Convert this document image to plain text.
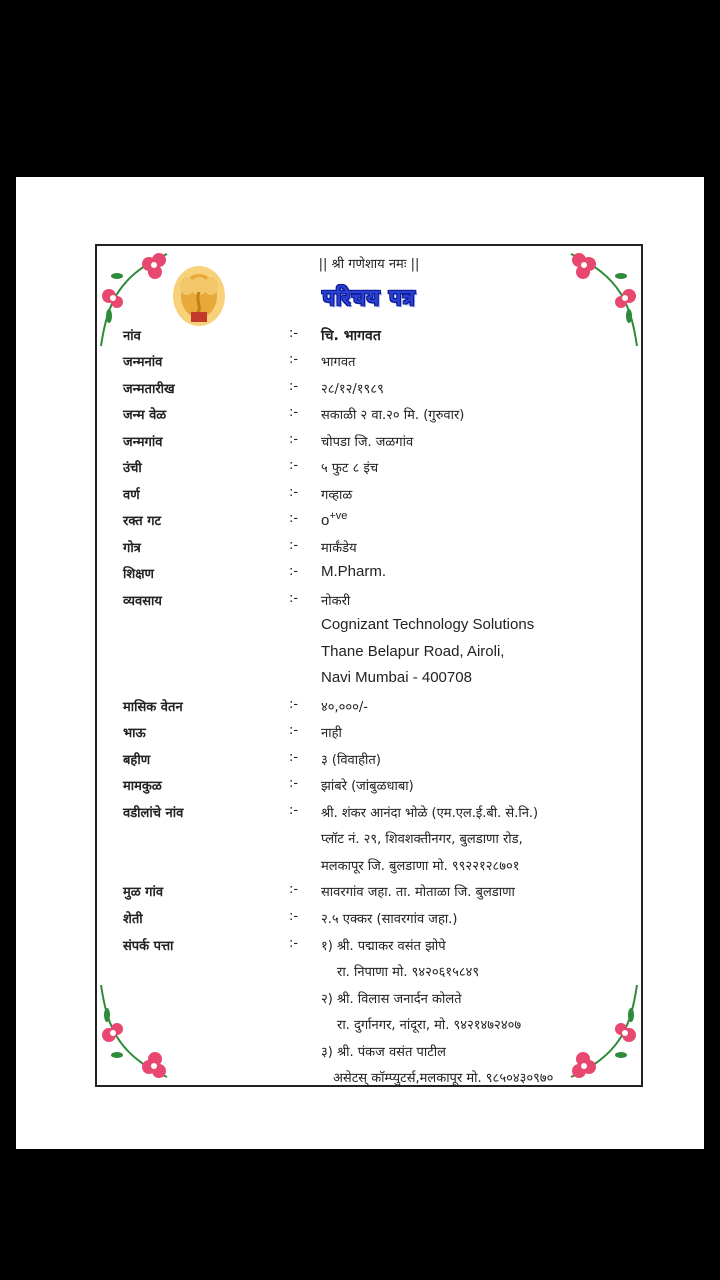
|| श्री गणेशाय नमः ||
परिचय पत्र
नांव	:- चि. भागवत
जन्मनांव	:- भागवत
जन्मतारीख	:- २८/१२/१९८९
जन्म वेळ	:- सकाळी २ वा.२० मि. (गुरुवार)
जन्मगांव	:- चोपडा जि. जळगांव
उंची	:- ५ फुट ८ इंच
वर्ण	:- गव्हाळ
रक्त गट	:- $o^{+ve}$
गोत्र	:- मार्कंडेय
शिक्षण	:- M.Pharm.
व्यवसाय	:- नोकरी
Cognizant Technology Solutions
Thane Belapur Road, Airoli,
Navi Mumbai - 400708
मासिक वेतन	:- ४०,०००/-
भाऊ	:- नाही
बहीण	:- ३ (विवाहीत)
मामकुळ	:- झांबरे (जांबुळधाबा)
वडीलांचे नांव	:- श्री. शंकर आनंदा भोळे (एम.एल.ई.बी. से.नि.)
प्लॉट नं. २९, शिवशक्तीनगर, बुलडाणा रोड,
मलकापूर जि. बुलडाणा मो. ९९२२१२८७०१
मुळ गांव	:- सावरगांव जहा. ता. मोताळा जि. बुलडाणा
शेती	:- २.५ एक्कर (सावरगांव जहा.)
संपर्क पत्ता	:- १) श्री. पद्माकर वसंत झोपे
रा. निपाणा मो. ९४२०६१५८४९
२) श्री. विलास जनार्दन कोलते
रा. दुर्गानगर, नांदूरा, मो. ९४२१४७२४०७
३) श्री. पंकज वसंत पाटील
असेटस् कॉम्प्युटर्स,मलकापूर मो. ९८५०४३०९७०
